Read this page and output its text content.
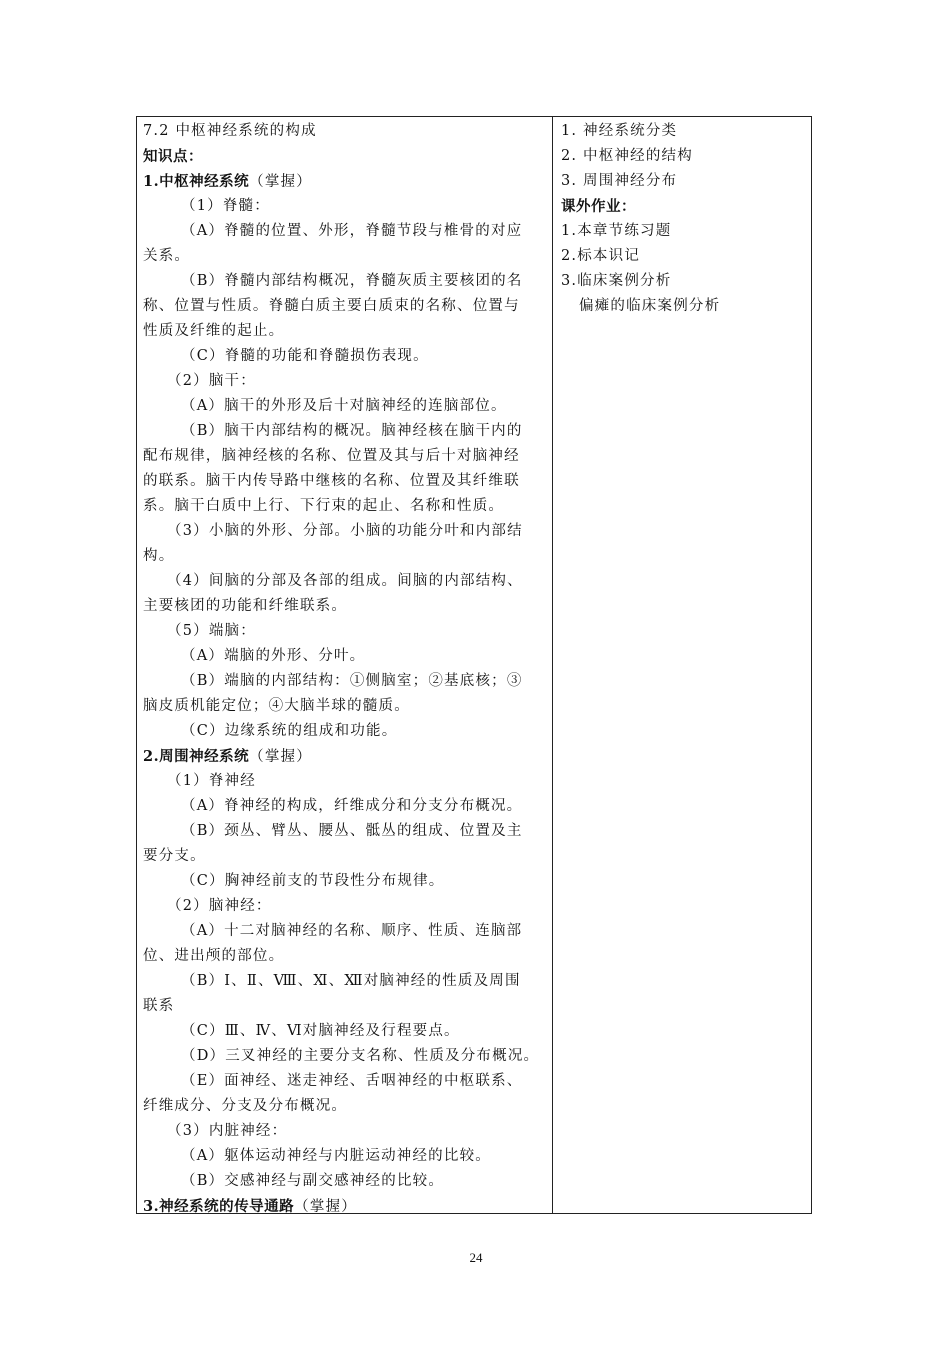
7.2 中枢神经系统的构成
知识点：
1.中枢神经系统（掌握）
（1）脊髓：
（A）脊髓的位置、外形，脊髓节段与椎骨的对应
关系。
（B）脊髓内部结构概况，脊髓灰质主要核团的名
称、位置与性质。脊髓白质主要白质束的名称、位置与
性质及纤维的起止。
（C）脊髓的功能和脊髓损伤表现。
（2）脑干：
（A）脑干的外形及后十对脑神经的连脑部位。
（B）脑干内部结构的概况。脑神经核在脑干内的
配布规律，脑神经核的名称、位置及其与后十对脑神经
的联系。脑干内传导路中继核的名称、位置及其纤维联
系。脑干白质中上行、下行束的起止、名称和性质。
（3）小脑的外形、分部。小脑的功能分叶和内部结
构。
（4）间脑的分部及各部的组成。间脑的内部结构、
主要核团的功能和纤维联系。
（5）端脑：
（A）端脑的外形、分叶。
（B）端脑的内部结构：①侧脑室；②基底核；③
脑皮质机能定位；④大脑半球的髓质。
（C）边缘系统的组成和功能。
2.周围神经系统（掌握）
（1）脊神经
（A）脊神经的构成，纤维成分和分支分布概况。
（B）颈丛、臂丛、腰丛、骶丛的组成、位置及主
要分支。
（C）胸神经前支的节段性分布规律。
（2）脑神经：
（A）十二对脑神经的名称、顺序、性质、连脑部
位、进出颅的部位。
（B）Ⅰ、Ⅱ、Ⅷ、Ⅺ、Ⅻ对脑神经的性质及周围
联系
（C）Ⅲ、Ⅳ、Ⅵ对脑神经及行程要点。
（D）三叉神经的主要分支名称、性质及分布概况。
（E）面神经、迷走神经、舌咽神经的中枢联系、
纤维成分、分支及分布概况。
（3）内脏神经：
（A）躯体运动神经与内脏运动神经的比较。
（B）交感神经与副交感神经的比较。
3.神经系统的传导通路（掌握）
1. 神经系统分类
2. 中枢神经的结构
3. 周围神经分布
课外作业：
1.本章节练习题
2.标本识记
3.临床案例分析
偏瘫的临床案例分析
24
